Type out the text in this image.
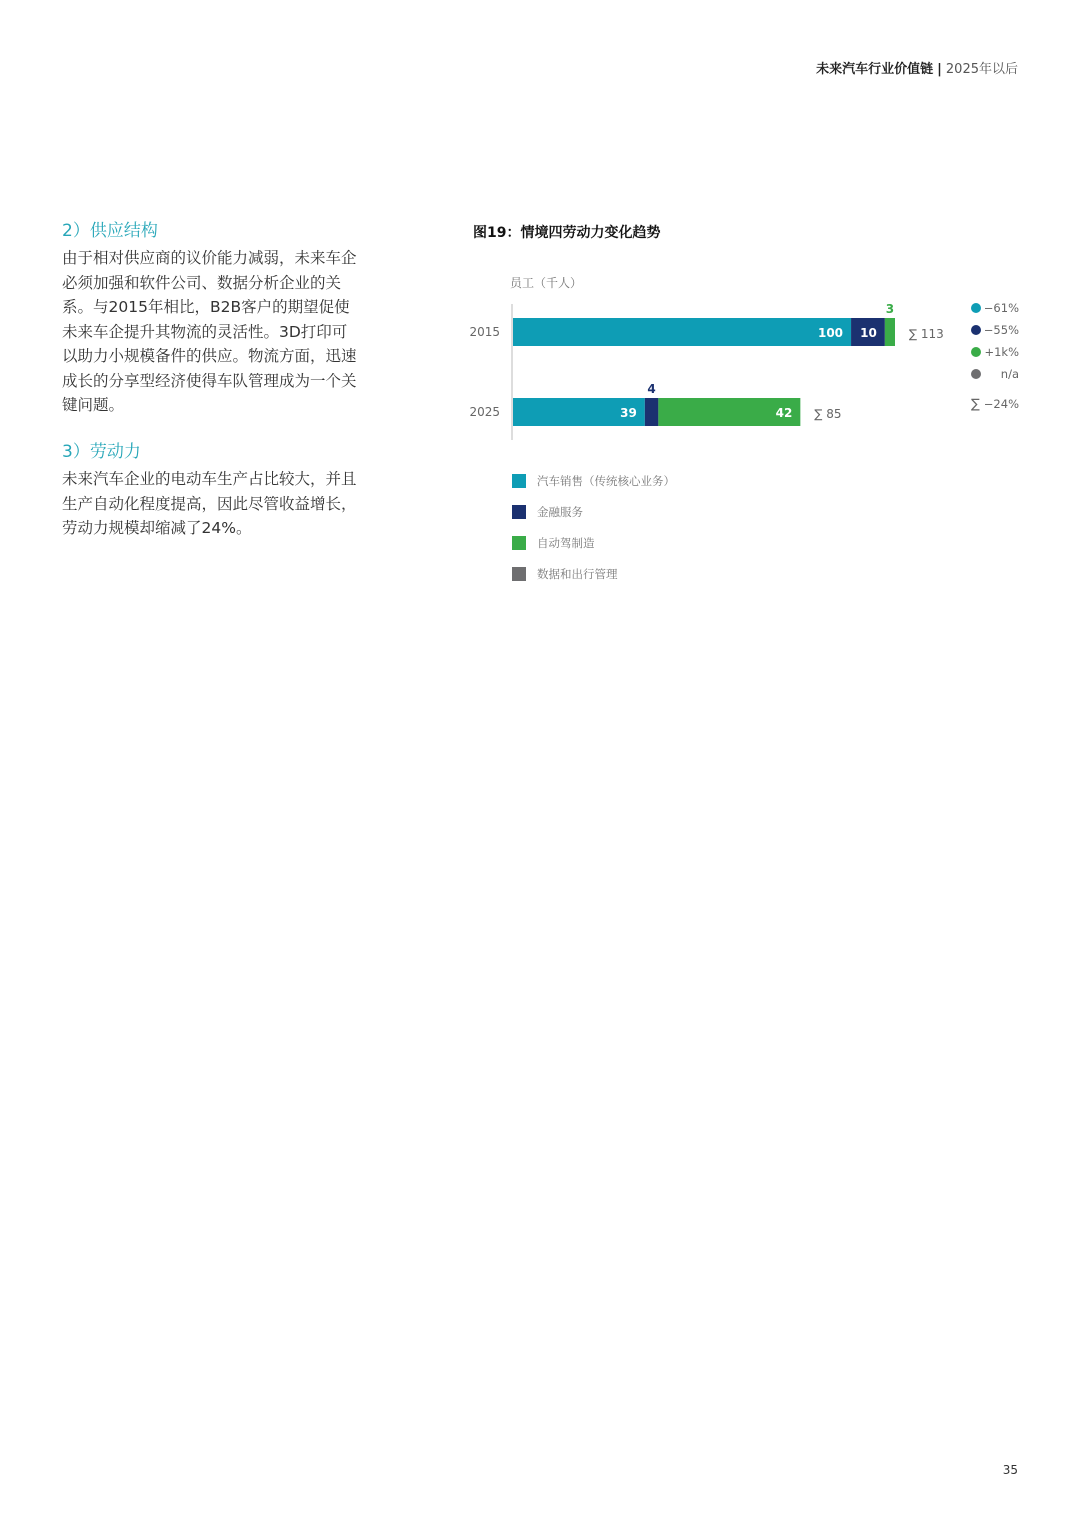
未来汽车行业价值链 | 2025年以后
2）供应结构
由于相对供应商的议价能力减弱，未来车企必须加强和软件公司、数据分析企业的关系。与2015年相比，B2B客户的期望促使未来车企提升其物流的灵活性。3D打印可以助力小规模备件的供应。物流方面，迅速成长的分享型经济使得车队管理成为一个关键问题。
3）劳动力
未来汽车企业的电动车生产占比较大，并且生产自动化程度提高，因此尽管收益增长，劳动力规模却缩减了24%。
图19：情境四劳动力变化趋势
员工（千人）
2015	100 10
3
∑ 113
2025	39
4
42 ∑ 85
−61%
−55%
+1k%
n/a
∑ −24%
汽车销售（传统核心业务）
金融服务
自动驾制造
数据和出行管理
35
